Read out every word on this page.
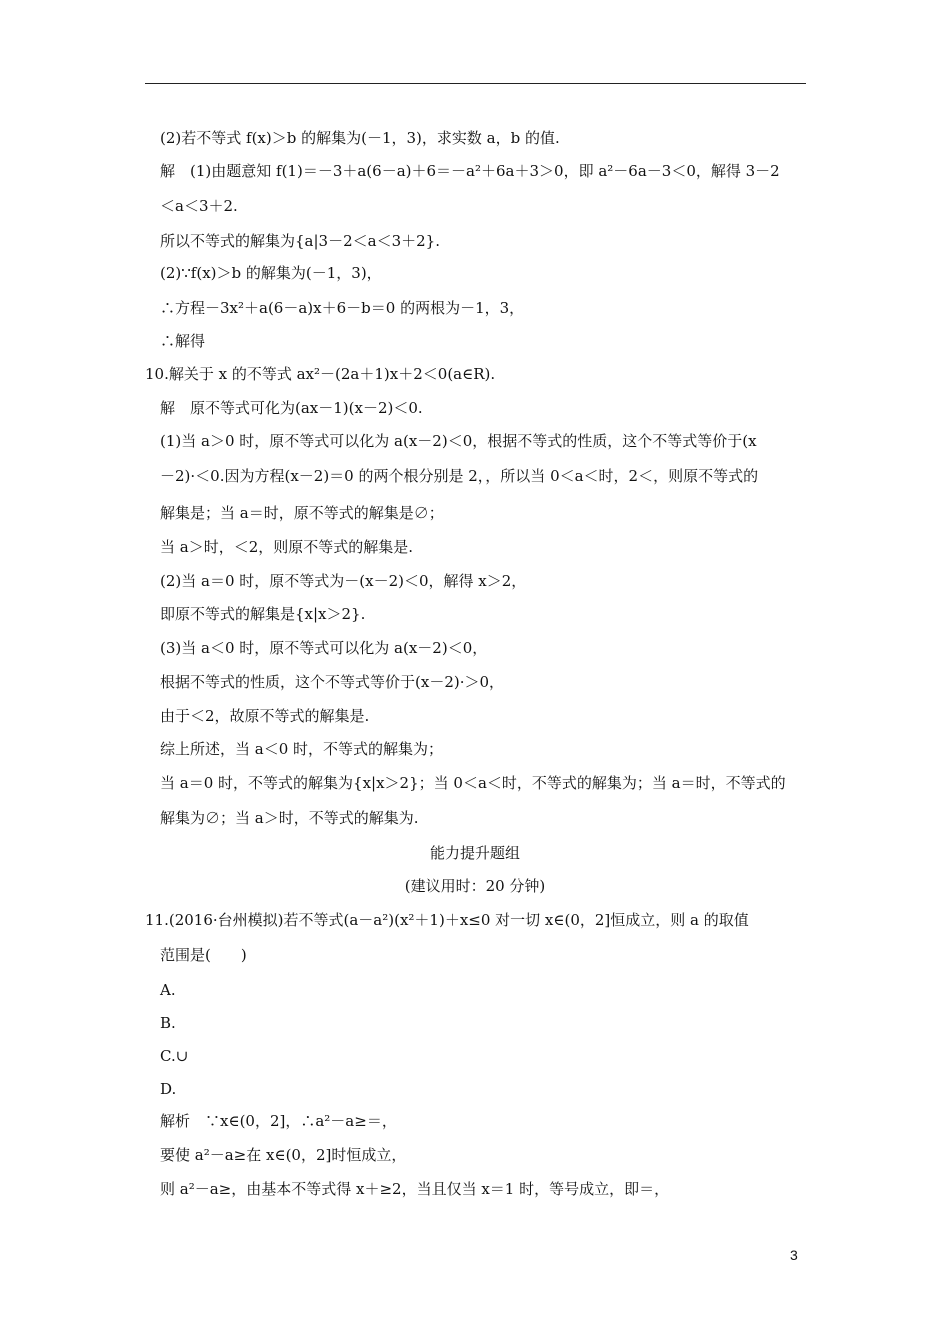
(2)若不等式 f(x)＞b 的解集为(－1，3)，求实数 a，b 的值.
解　(1)由题意知 f(1)＝－3＋a(6－a)＋6＝－a²＋6a＋3＞0，即 a²－6a－3＜0，解得 3－2
＜a＜3＋2.
所以不等式的解集为{a|3－2＜a＜3＋2}.
(2)∵f(x)＞b 的解集为(－1，3)，
∴方程－3x²＋a(6－a)x＋6－b＝0 的两根为－1，3，
∴解得
10.解关于 x 的不等式 ax²－(2a＋1)x＋2＜0(a∈R).
解　原不等式可化为(ax－1)(x－2)＜0.
(1)当 a＞0 时，原不等式可以化为 a(x－2)＜0，根据不等式的性质，这个不等式等价于(x
－2)·＜0.因为方程(x－2)＝0 的两个根分别是 2，，所以当 0＜a＜时，2＜，则原不等式的
解集是；当 a＝时，原不等式的解集是∅；
当 a＞时，＜2，则原不等式的解集是.
(2)当 a＝0 时，原不等式为－(x－2)＜0，解得 x＞2，
即原不等式的解集是{x|x＞2}.
(3)当 a＜0 时，原不等式可以化为 a(x－2)＜0，
根据不等式的性质，这个不等式等价于(x－2)·＞0，
由于＜2，故原不等式的解集是.
综上所述，当 a＜0 时，不等式的解集为；
当 a＝0 时，不等式的解集为{x|x＞2}；当 0＜a＜时，不等式的解集为；当 a＝时，不等式的
解集为∅；当 a＞时，不等式的解集为.
能力提升题组
(建议用时：20 分钟)
11.(2016·台州模拟)若不等式(a－a²)(x²＋1)＋x≤0 对一切 x∈(0，2]恒成立，则 a 的取值
范围是(　　)
A.
B.
C.∪
D.
解析　∵x∈(0，2]，∴a²－a≥＝，
要使 a²－a≥在 x∈(0，2]时恒成立，
则 a²－a≥，由基本不等式得 x＋≥2，当且仅当 x＝1 时，等号成立，即＝，
3
